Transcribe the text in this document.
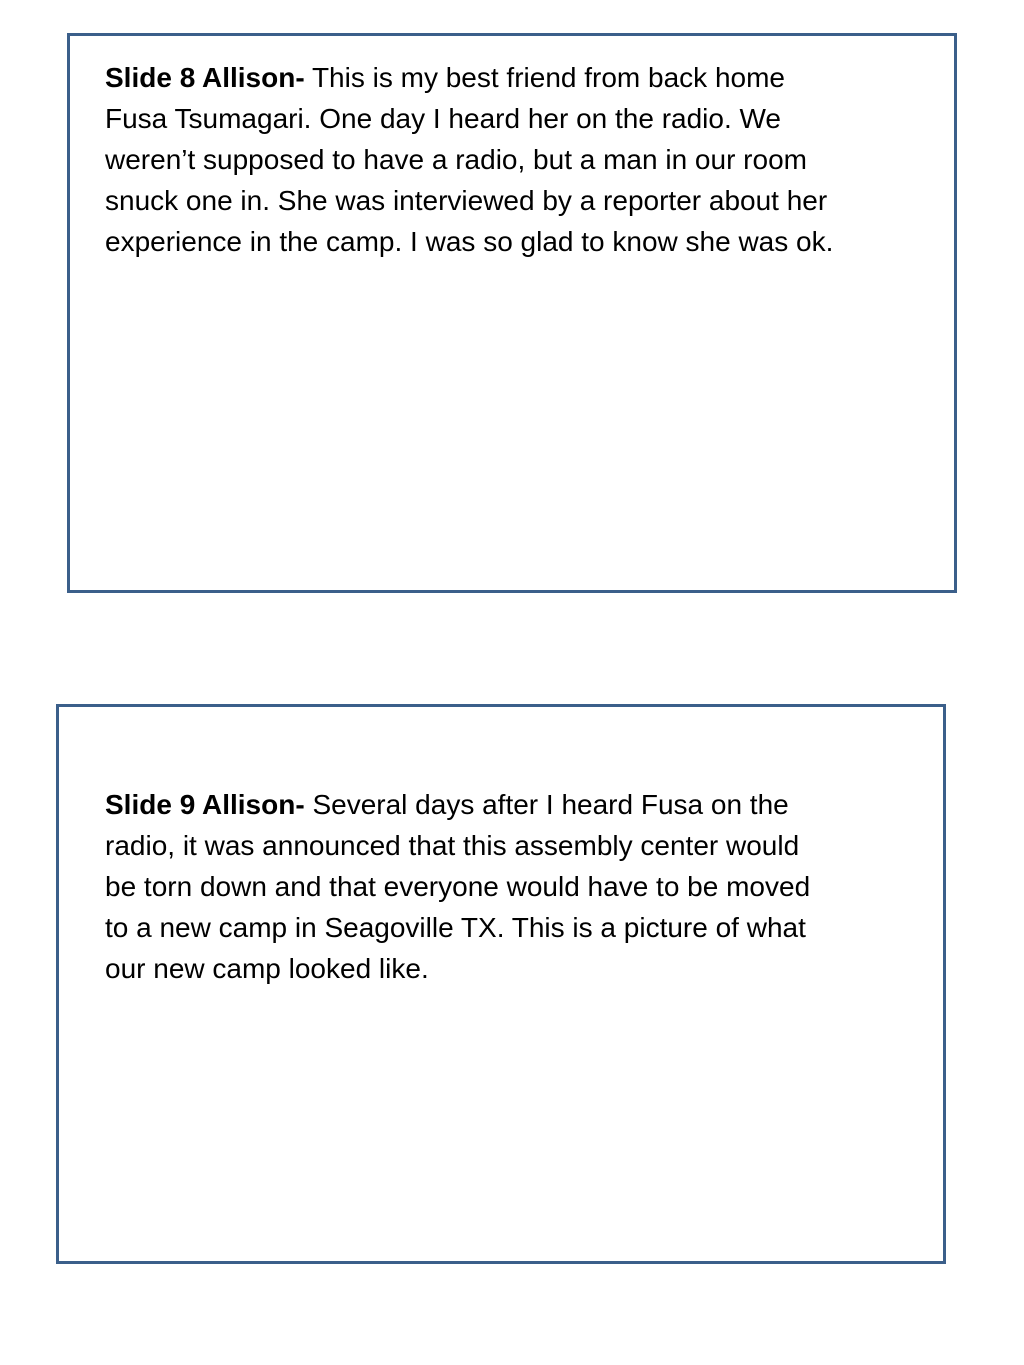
Slide 8 Allison- This is my best friend from back home
Fusa Tsumagari. One day I heard her on the radio. We
weren’t supposed to have a radio, but a man in our room
snuck one in. She was interviewed by a reporter about her
experience in the camp. I was so glad to know she was ok.

Slide 9 Allison- Several days after I heard Fusa on the
radio, it was announced that this assembly center would
be torn down and that everyone would have to be moved
to a new camp in Seagoville TX. This is a picture of what
our new camp looked like.
